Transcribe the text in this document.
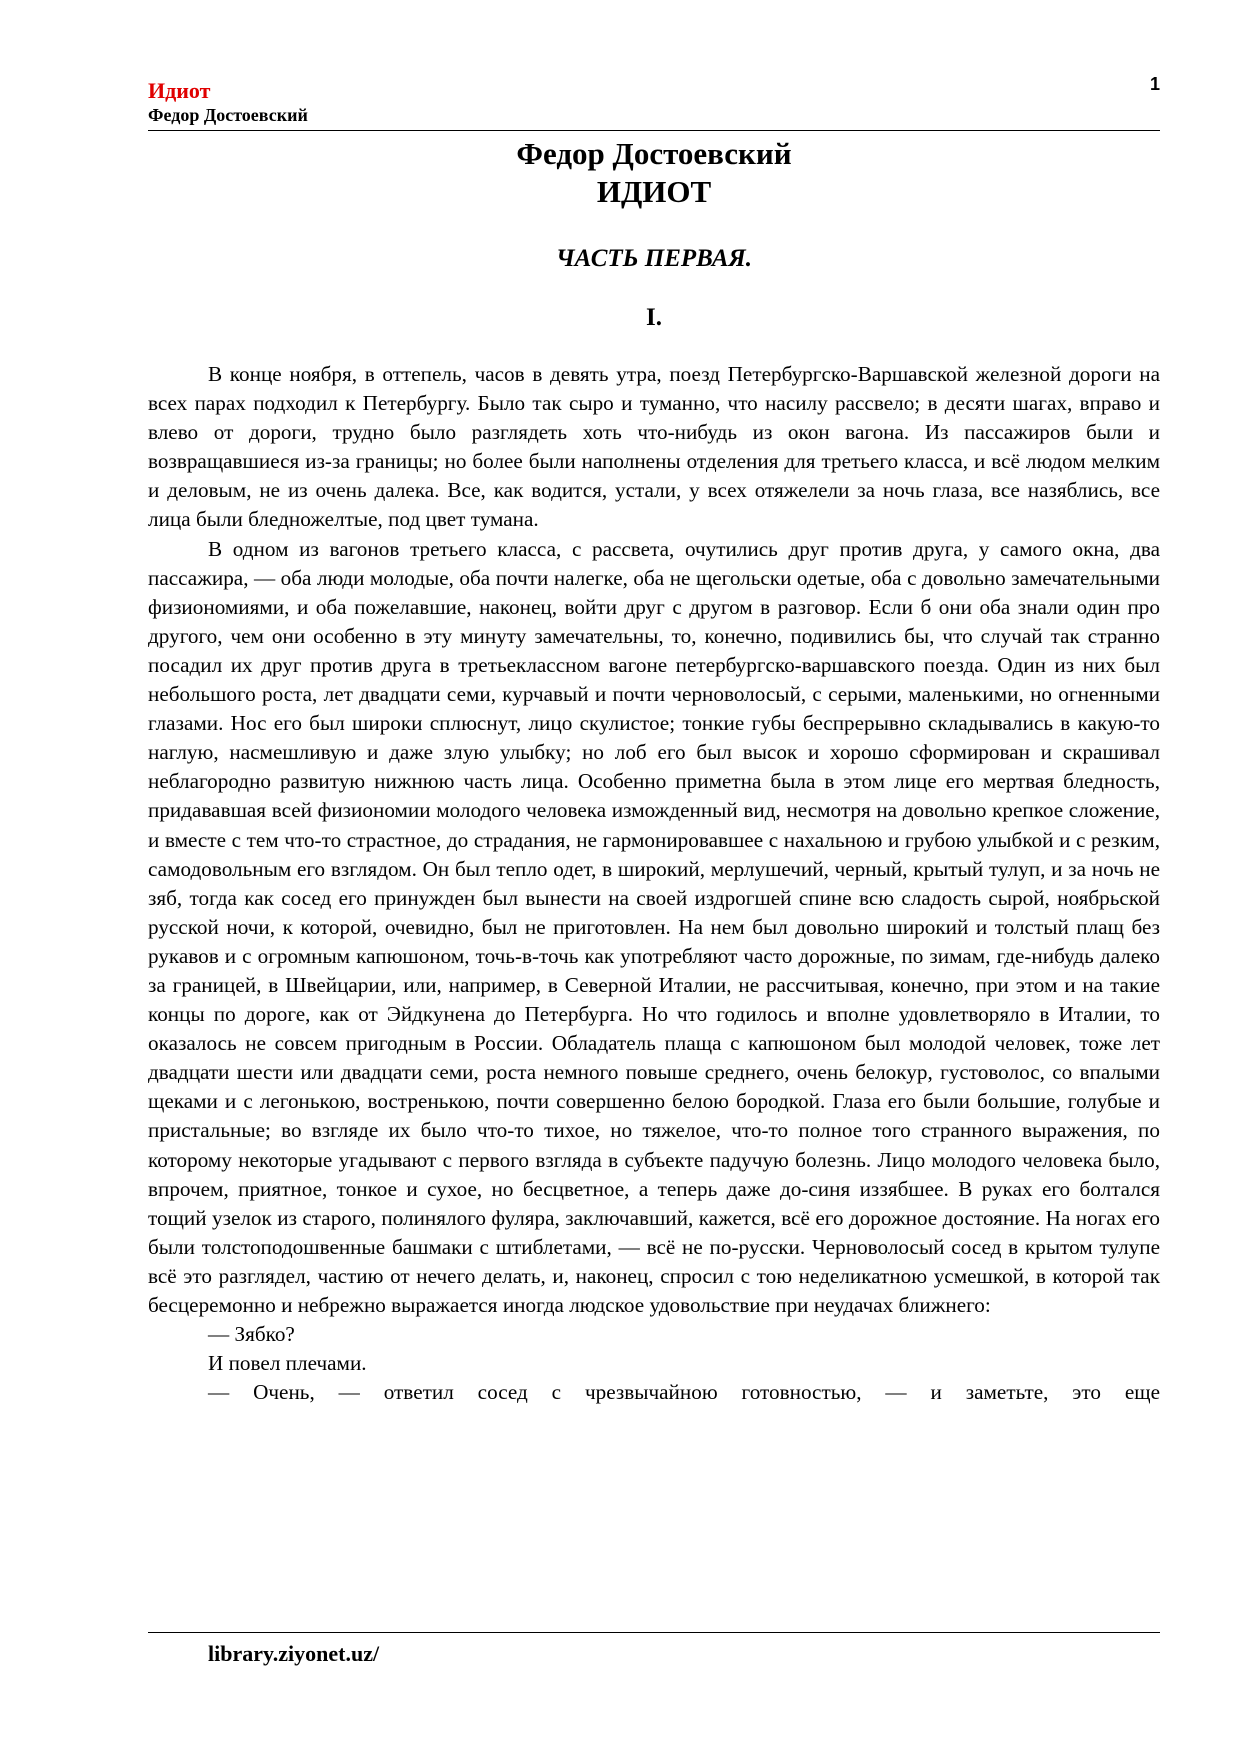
Идиот
Федор Достоевский
1
Федор Достоевский
ИДИОТ
ЧАСТЬ ПЕРВАЯ.
I.

В конце ноября, в оттепель, часов в девять утра, поезд Петербургско-Варшавской железной дороги на всех парах подходил к Петербургу. Было так сыро и туманно, что насилу рассвело; в десяти шагах, вправо и влево от дороги, трудно было разглядеть хоть что-нибудь из окон вагона. Из пассажиров были и возвращавшиеся из-за границы; но более были наполнены отделения для третьего класса, и всё людом мелким и деловым, не из очень далека. Все, как водится, устали, у всех отяжелели за ночь глаза, все назяблись, все лица были бледножелтые, под цвет тумана.

В одном из вагонов третьего класса, с рассвета, очутились друг против друга, у самого окна, два пассажира, — оба люди молодые, оба почти налегке, оба не щегольски одетые, оба с довольно замечательными физиономиями, и оба пожелавшие, наконец, войти друг с другом в разговор. Если б они оба знали один про другого, чем они особенно в эту минуту замечательны, то, конечно, подивились бы, что случай так странно посадил их друг против друга в третьеклассном вагоне петербургско-варшавского поезда. Один из них был небольшого роста, лет двадцати семи, курчавый и почти черноволосый, с серыми, маленькими, но огненными глазами. Нос его был широки сплюснут, лицо скулистое; тонкие губы беспрерывно складывались в какую-то наглую, насмешливую и даже злую улыбку; но лоб его был высок и хорошо сформирован и скрашивал неблагородно развитую нижнюю часть лица. Особенно приметна была в этом лице его мертвая бледность, придававшая всей физиономии молодого человека изможденный вид, несмотря на довольно крепкое сложение, и вместе с тем что-то страстное, до страдания, не гармонировавшее с нахальною и грубою улыбкой и с резким, самодовольным его взглядом. Он был тепло одет, в широкий, мерлушечий, черный, крытый тулуп, и за ночь не зяб, тогда как сосед его принужден был вынести на своей издрогшей спине всю сладость сырой, ноябрьской русской ночи, к которой, очевидно, был не приготовлен. На нем был довольно широкий и толстый плащ без рукавов и с огромным капюшоном, точь-в-точь как употребляют часто дорожные, по зимам, где-нибудь далеко за границей, в Швейцарии, или, например, в Северной Италии, не рассчитывая, конечно, при этом и на такие концы по дороге, как от Эйдкунена до Петербурга. Но что годилось и вполне удовлетворяло в Италии, то оказалось не совсем пригодным в России. Обладатель плаща с капюшоном был молодой человек, тоже лет двадцати шести или двадцати семи, роста немного повыше среднего, очень белокур, густоволос, со впалыми щеками и с легонькою, востренькою, почти совершенно белою бородкой. Глаза его были большие, голубые и пристальные; во взгляде их было что-то тихое, но тяжелое, что-то полное того странного выражения, по которому некоторые угадывают с первого взгляда в субъекте падучую болезнь. Лицо молодого человека было, впрочем, приятное, тонкое и сухое, но бесцветное, а теперь даже до-синя иззябшее. В руках его болтался тощий узелок из старого, полинялого фуляра, заключавший, кажется, всё его дорожное достояние. На ногах его были толстоподошвенные башмаки с штиблетами, — всё не по-русски. Черноволосый сосед в крытом тулупе всё это разглядел, частию от нечего делать, и, наконец, спросил с тою неделикатною усмешкой, в которой так бесцеремонно и небрежно выражается иногда людское удовольствие при неудачах ближнего:

— Зябко?

И повел плечами.

— Очень, — ответил сосед с чрезвычайною готовностью, — и заметьте, это еще

library.ziyonet.uz/
